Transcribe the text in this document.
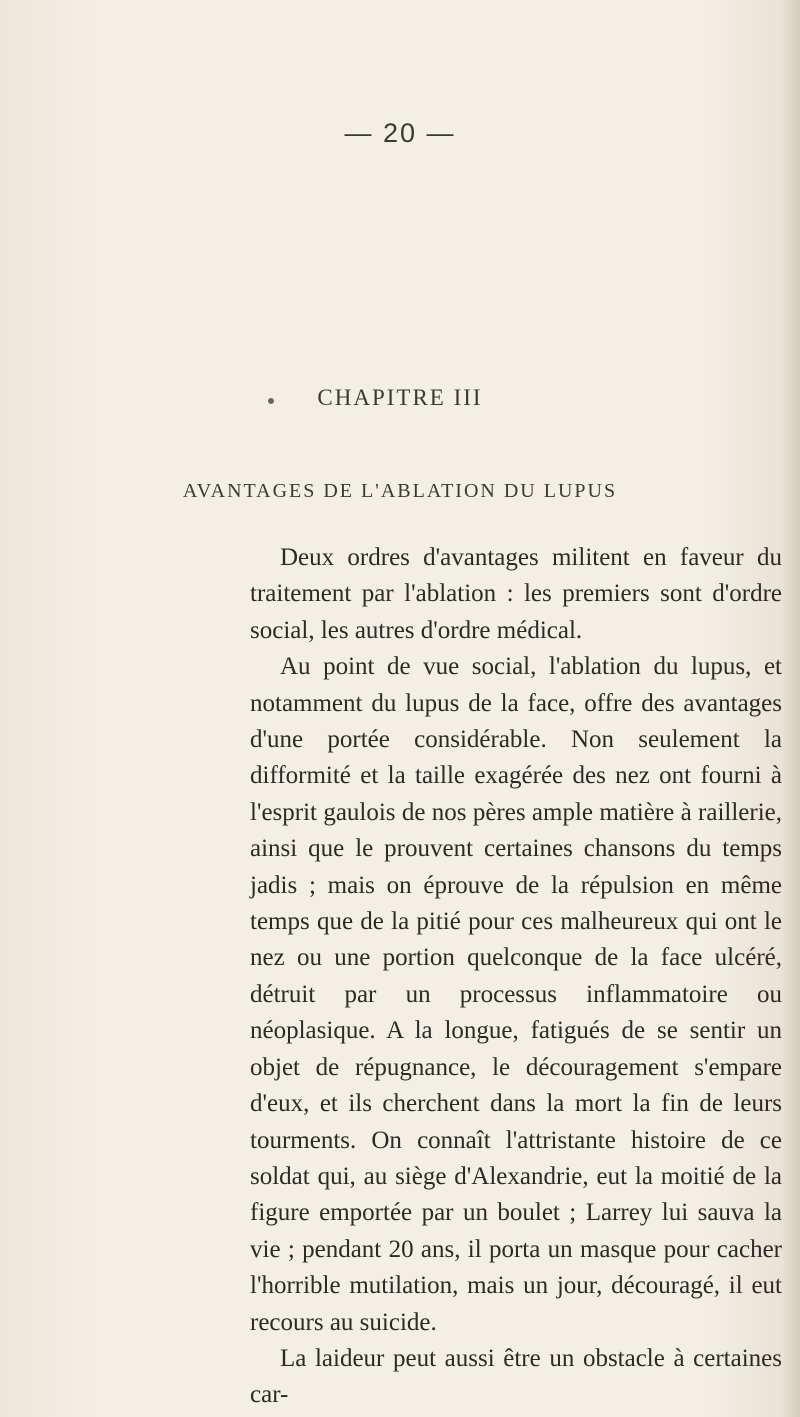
— 20 —
CHAPITRE III
AVANTAGES DE L'ABLATION DU LUPUS

Deux ordres d'avantages militent en faveur du traitement par l'ablation : les premiers sont d'ordre social, les autres d'ordre médical.

Au point de vue social, l'ablation du lupus, et notamment du lupus de la face, offre des avantages d'une portée considérable. Non seulement la difformité et la taille exagérée des nez ont fourni à l'esprit gaulois de nos pères ample matière à raillerie, ainsi que le prouvent certaines chansons du temps jadis ; mais on éprouve de la répulsion en même temps que de la pitié pour ces malheureux qui ont le nez ou une portion quelconque de la face ulcéré, détruit par un processus inflammatoire ou néoplasique. A la longue, fatigués de se sentir un objet de répugnance, le découragement s'empare d'eux, et ils cherchent dans la mort la fin de leurs tourments. On connaît l'attristante histoire de ce soldat qui, au siège d'Alexandrie, eut la moitié de la figure emportée par un boulet ; Larrey lui sauva la vie ; pendant 20 ans, il porta un masque pour cacher l'horrible mutilation, mais un jour, découragé, il eut recours au suicide.

La laideur peut aussi être un obstacle à certaines car-
